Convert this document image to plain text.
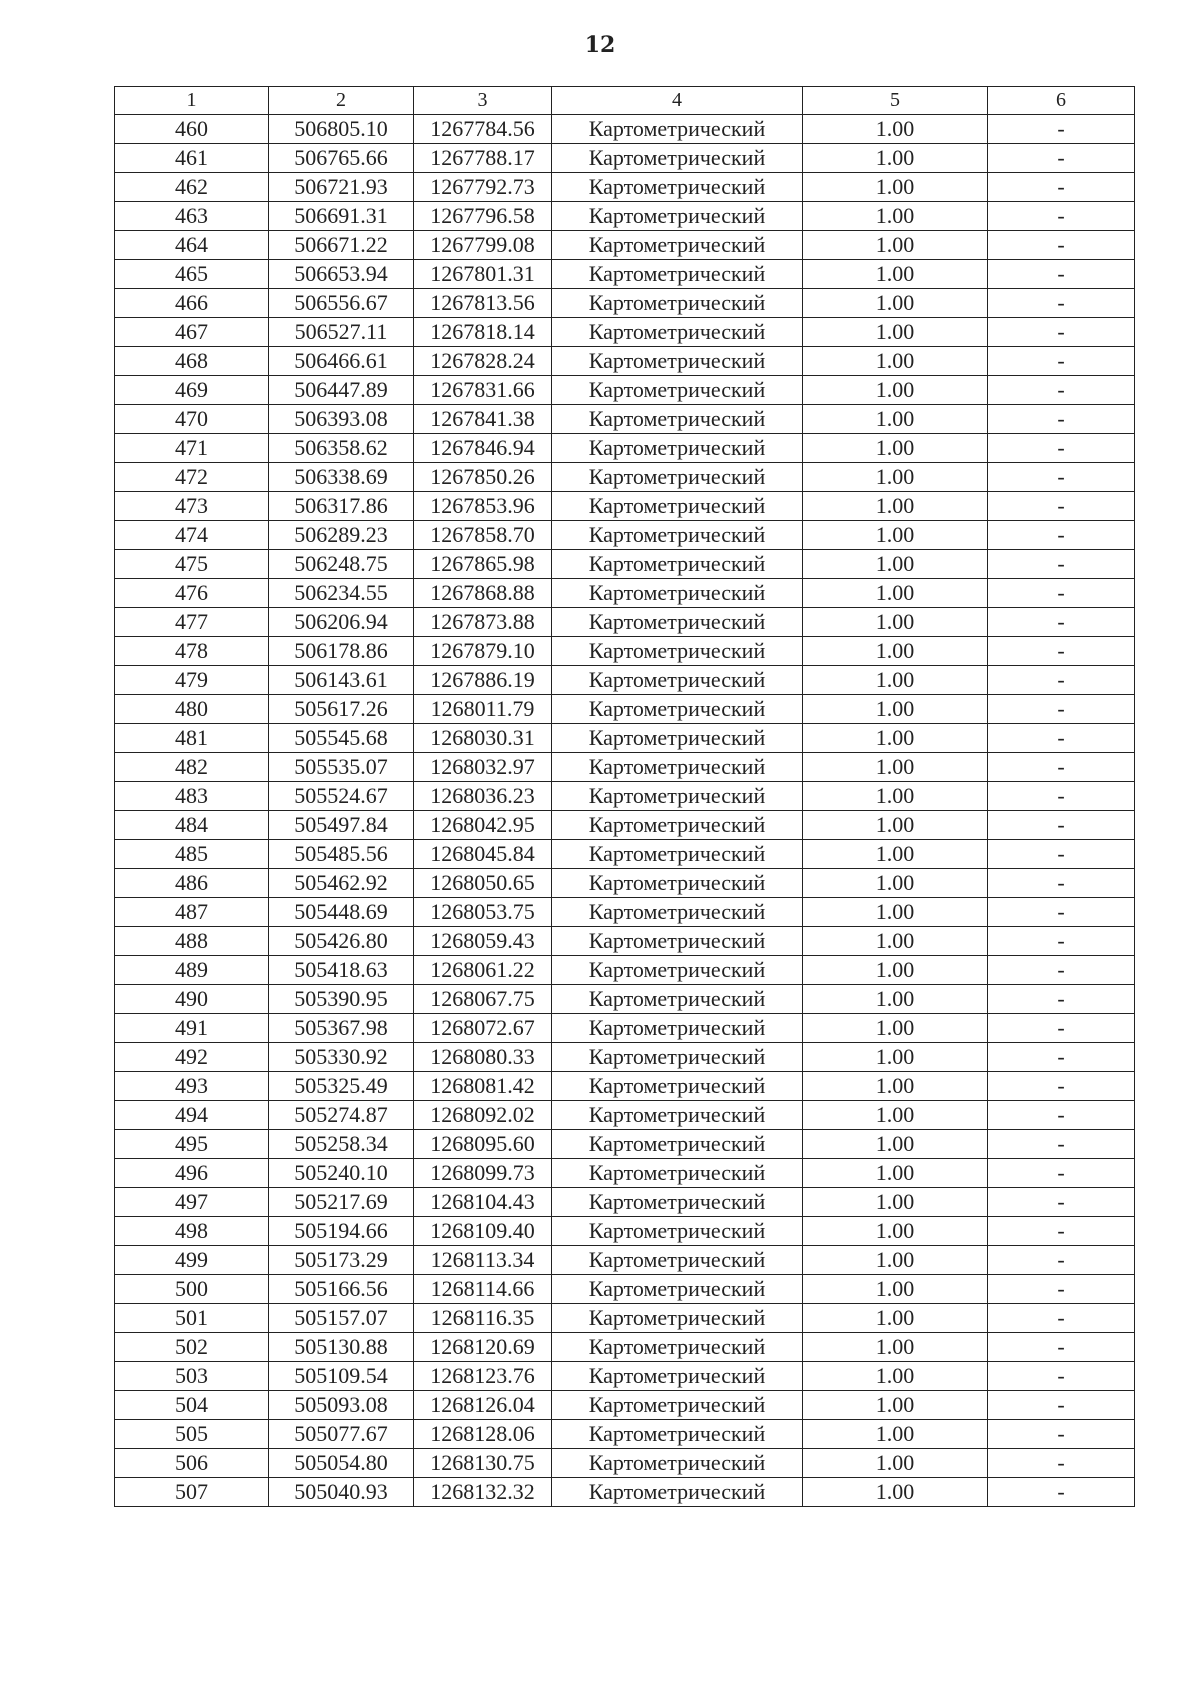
12
1	2	3	4	5	6
460	506805.10	1267784.56	Картометрический	1.00	-
461	506765.66	1267788.17	Картометрический	1.00	-
462	506721.93	1267792.73	Картометрический	1.00	-
463	506691.31	1267796.58	Картометрический	1.00	-
464	506671.22	1267799.08	Картометрический	1.00	-
465	506653.94	1267801.31	Картометрический	1.00	-
466	506556.67	1267813.56	Картометрический	1.00	-
467	506527.11	1267818.14	Картометрический	1.00	-
468	506466.61	1267828.24	Картометрический	1.00	-
469	506447.89	1267831.66	Картометрический	1.00	-
470	506393.08	1267841.38	Картометрический	1.00	-
471	506358.62	1267846.94	Картометрический	1.00	-
472	506338.69	1267850.26	Картометрический	1.00	-
473	506317.86	1267853.96	Картометрический	1.00	-
474	506289.23	1267858.70	Картометрический	1.00	-
475	506248.75	1267865.98	Картометрический	1.00	-
476	506234.55	1267868.88	Картометрический	1.00	-
477	506206.94	1267873.88	Картометрический	1.00	-
478	506178.86	1267879.10	Картометрический	1.00	-
479	506143.61	1267886.19	Картометрический	1.00	-
480	505617.26	1268011.79	Картометрический	1.00	-
481	505545.68	1268030.31	Картометрический	1.00	-
482	505535.07	1268032.97	Картометрический	1.00	-
483	505524.67	1268036.23	Картометрический	1.00	-
484	505497.84	1268042.95	Картометрический	1.00	-
485	505485.56	1268045.84	Картометрический	1.00	-
486	505462.92	1268050.65	Картометрический	1.00	-
487	505448.69	1268053.75	Картометрический	1.00	-
488	505426.80	1268059.43	Картометрический	1.00	-
489	505418.63	1268061.22	Картометрический	1.00	-
490	505390.95	1268067.75	Картометрический	1.00	-
491	505367.98	1268072.67	Картометрический	1.00	-
492	505330.92	1268080.33	Картометрический	1.00	-
493	505325.49	1268081.42	Картометрический	1.00	-
494	505274.87	1268092.02	Картометрический	1.00	-
495	505258.34	1268095.60	Картометрический	1.00	-
496	505240.10	1268099.73	Картометрический	1.00	-
497	505217.69	1268104.43	Картометрический	1.00	-
498	505194.66	1268109.40	Картометрический	1.00	-
499	505173.29	1268113.34	Картометрический	1.00	-
500	505166.56	1268114.66	Картометрический	1.00	-
501	505157.07	1268116.35	Картометрический	1.00	-
502	505130.88	1268120.69	Картометрический	1.00	-
503	505109.54	1268123.76	Картометрический	1.00	-
504	505093.08	1268126.04	Картометрический	1.00	-
505	505077.67	1268128.06	Картометрический	1.00	-
506	505054.80	1268130.75	Картометрический	1.00	-
507	505040.93	1268132.32	Картометрический	1.00	-
